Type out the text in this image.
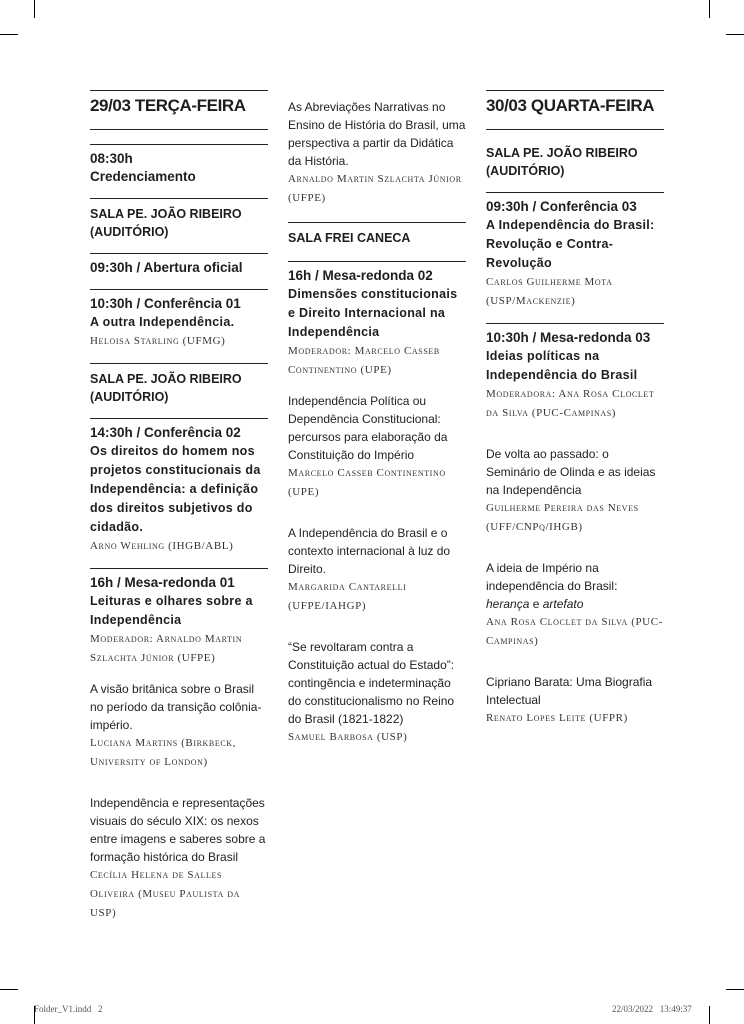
29/03 TERÇA-FEIRA
08:30h
Credenciamento
SALA PE. JOÃO RIBEIRO (AUDITÓRIO)
09:30h / Abertura oficial
10:30h / Conferência 01
A outra Independência.
Heloisa Starling (UFMG)
SALA PE. JOÃO RIBEIRO (AUDITÓRIO)
14:30h / Conferência 02
Os direitos do homem nos projetos constitucionais da Independência: a definição dos direitos subjetivos do cidadão.
Arno Wehling (IHGB/ABL)
16h / Mesa-redonda 01
Leituras e olhares sobre a Independência
Moderador: Arnaldo Martin Szlachta Júnior (UFPE)
A visão britânica sobre o Brasil no período da transição colônia-império.
Luciana Martins (Birkbeck, University of London)
Independência e representações visuais do século XIX: os nexos entre imagens e saberes sobre a formação histórica do Brasil
Cecília Helena de Salles Oliveira (Museu Paulista da USP)
As Abreviações Narrativas no Ensino de História do Brasil, uma perspectiva a partir da Didática da História.
Arnaldo Martin Szlachta Júnior (UFPE)
SALA FREI CANECA
16h / Mesa-redonda 02
Dimensões constitucionais e Direito Internacional na Independência
Moderador: Marcelo Casseb Continentino (UPE)
Independência Política ou Dependência Constitucional: percursos para elaboração da Constituição do Império
Marcelo Casseb Continentino (UPE)
A Independência do Brasil e o contexto internacional à luz do Direito.
Margarida Cantarelli (UFPE/IAHGP)
“Se revoltaram contra a Constituição actual do Estado”: contingência e indeterminação do constitucionalismo no Reino do Brasil (1821-1822)
Samuel Barbosa (USP)
30/03 QUARTA-FEIRA
SALA PE. JOÃO RIBEIRO (AUDITÓRIO)
09:30h / Conferência 03
A Independência do Brasil: Revolução e Contra-Revolução
Carlos Guilherme Mota (USP/Mackenzie)
10:30h / Mesa-redonda 03
Ideias políticas na Independência do Brasil
Moderadora: Ana Rosa Cloclet da Silva (PUC-Campinas)
De volta ao passado: o Seminário de Olinda e as ideias na Independência
Guilherme Pereira das Neves (UFF/CNPq/IHGB)
A ideia de Império na independência do Brasil: herança e artefato
Ana Rosa Cloclet da Silva (PUC-Campinas)
Cipriano Barata: Uma Biografia Intelectual
Renato Lopes Leite (UFPR)
Folder_V1.indd   2	22/03/2022   13:49:37
